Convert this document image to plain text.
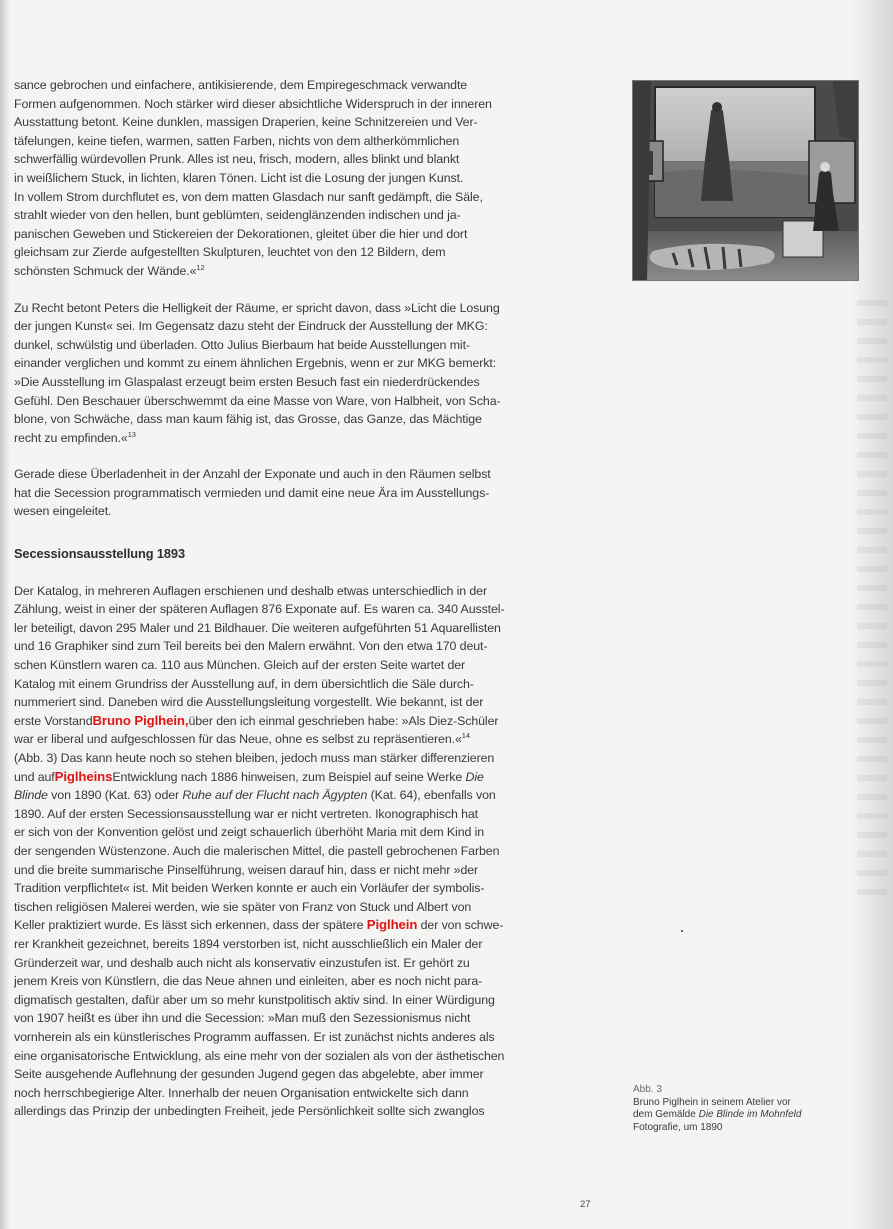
sance gebrochen und einfachere, antikisierende, dem Empiregeschmack verwandte
Formen aufgenommen. Noch stärker wird dieser absichtliche Widerspruch in der inneren
Ausstattung betont. Keine dunklen, massigen Draperien, keine Schnitzereien und Ver-
täfelungen, keine tiefen, warmen, satten Farben, nichts von dem altherkömmlichen
schwerfällig würdevollen Prunk. Alles ist neu, frisch, modern, alles blinkt und blankt
in weißlichem Stuck, in lichten, klaren Tönen. Licht ist die Losung der jungen Kunst.
In vollem Strom durchflutet es, von dem matten Glasdach nur sanft gedämpft, die Säle,
strahlt wieder von den hellen, bunt geblümten, seidenglänzenden indischen und ja-
panischen Geweben und Stickereien der Dekorationen, gleitet über die hier und dort
gleichsam zur Zierde aufgestellten Skulpturen, leuchtet von den 12 Bildern, dem
schönsten Schmuck der Wände.«$^{12}$

Zu Recht betont Peters die Helligkeit der Räume, er spricht davon, dass »Licht die Losung
der jungen Kunst« sei. Im Gegensatz dazu steht der Eindruck der Ausstellung der MKG:
dunkel, schwülstig und überladen. Otto Julius Bierbaum hat beide Ausstellungen mit-
einander verglichen und kommt zu einem ähnlichen Ergebnis, wenn er zur MKG bemerkt:
»Die Ausstellung im Glaspalast erzeugt beim ersten Besuch fast ein niederdrückendes
Gefühl. Den Beschauer überschwemmt da eine Masse von Ware, von Halbheit, von Scha-
blone, von Schwäche, dass man kaum fähig ist, das Grosse, das Ganze, das Mächtige
recht zu empfinden.«$^{13}$

Gerade diese Überladenheit in der Anzahl der Exponate und auch in den Räumen selbst
hat die Secession programmatisch vermieden und damit eine neue Ära im Ausstellungs-
wesen eingeleitet.

Secessionsausstellung 1893

Der Katalog, in mehreren Auflagen erschienen und deshalb etwas unterschiedlich in der
Zählung, weist in einer der späteren Auflagen 876 Exponate auf. Es waren ca. 340 Ausstel-
ler beteiligt, davon 295 Maler und 21 Bildhauer. Die weiteren aufgeführten 51 Aquarellisten
und 16 Graphiker sind zum Teil bereits bei den Malern erwähnt. Von den etwa 170 deut-
schen Künstlern waren ca. 110 aus München. Gleich auf der ersten Seite wartet der
Katalog mit einem Grundriss der Ausstellung auf, in dem übersichtlich die Säle durch-
nummeriert sind. Daneben wird die Ausstellungsleitung vorgestellt. Wie bekannt, ist der
erste VorstandBruno Piglhein,über den ich einmal geschrieben habe: »Als Diez-Schüler
war er liberal und aufgeschlossen für das Neue, ohne es selbst zu repräsentieren.«$^{14}$
(Abb. 3) Das kann heute noch so stehen bleiben, jedoch muss man stärker differenzieren
und aufPiglheinsEntwicklung nach 1886 hinweisen, zum Beispiel auf seine Werke Die
Blinde von 1890 (Kat. 63) oder Ruhe auf der Flucht nach Ägypten (Kat. 64), ebenfalls von
1890. Auf der ersten Secessionsausstellung war er nicht vertreten. Ikonographisch hat
er sich von der Konvention gelöst und zeigt schauerlich überhöht Maria mit dem Kind in
der sengenden Wüstenzone. Auch die malerischen Mittel, die pastell gebrochenen Farben
und die breite summarische Pinselführung, weisen darauf hin, dass er nicht mehr »der
Tradition verpflichtet« ist. Mit beiden Werken konnte er auch ein Vorläufer der symbolis-
tischen religiösen Malerei werden, wie sie später von Franz von Stuck und Albert von
Keller praktiziert wurde. Es lässt sich erkennen, dass der spätere Piglhein der von schwe-
rer Krankheit gezeichnet, bereits 1894 verstorben ist, nicht ausschließlich ein Maler der
Gründerzeit war, und deshalb auch nicht als konservativ einzustufen ist. Er gehört zu
jenem Kreis von Künstlern, die das Neue ahnen und einleiten, aber es noch nicht para-
digmatisch gestalten, dafür aber um so mehr kunstpolitisch aktiv sind. In einer Würdigung
von 1907 heißt es über ihn und die Secession: »Man muß den Sezessionismus nicht
vornherein als ein künstlerisches Programm auffassen. Er ist zunächst nichts anderes als
eine organisatorische Entwicklung, als eine mehr von der sozialen als von der ästhetischen
Seite ausgehende Auflehnung der gesunden Jugend gegen das abgelebte, aber immer
noch herrschbegierige Alter. Innerhalb der neuen Organisation entwickelte sich dann
allerdings das Prinzip der unbedingten Freiheit, jede Persönlichkeit sollte sich zwanglos

Abb. 3
Bruno Piglhein in seinem Atelier vor
dem Gemälde Die Blinde im Mohnfeld
Fotografie, um 1890
27
